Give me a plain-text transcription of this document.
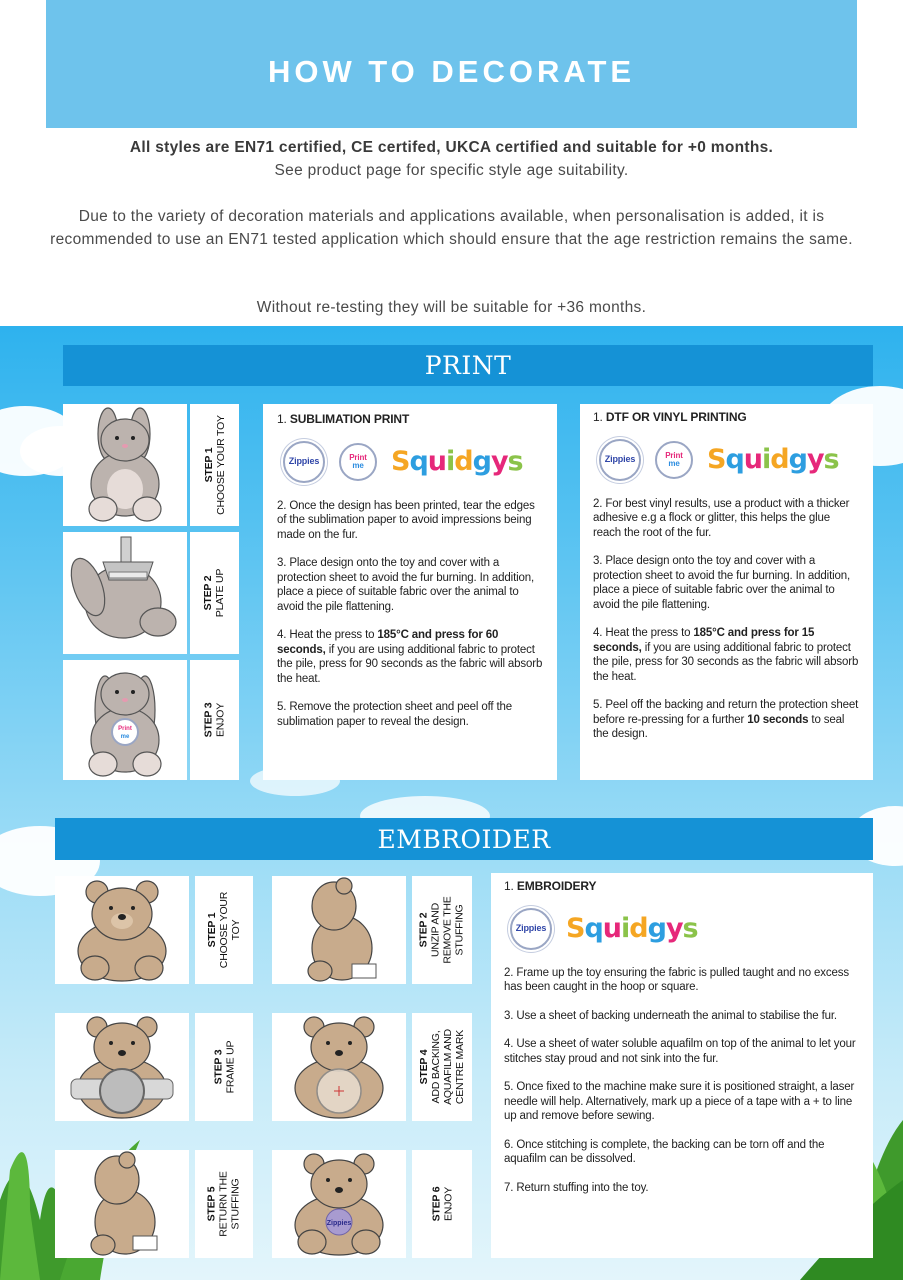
HOW TO DECORATE
All styles are EN71 certified, CE certifed, UKCA certified and suitable for +0 months.
See product page for specific style age suitability.
Due to the variety of decoration materials and applications available, when personalisation is added, it is recommended to use an EN71 tested application which should ensure that the age restriction remains the same.
Without re-testing they will be suitable for +36 months.
PRINT
STEP 1 CHOOSE YOUR TOY
STEP 2 PLATE UP
Print
me	STEP 3 ENJOY
1. SUBLIMATION PRINT
Zippies	Print
me Squidgys

2. Once the design has been printed, tear the edges of the sublimation paper to avoid impressions being made on the fur.

3. Place design onto the toy and cover with a protection sheet to avoid the fur burning. In addition, place a piece of suitable fabric over the animal to avoid the pile flattening.

4. Heat the press to 185°C and press for 60 seconds, if you are using additional fabric to protect the pile, press for 90 seconds as the fabric will absorb the heat.

5. Remove the protection sheet and peel off the sublimation paper to reveal the design.

1. DTF OR VINYL PRINTING
Zippies	Print
me Squidgys

2. For best vinyl results, use a product with a thicker adhesive e.g a flock or glitter, this helps the glue reach the root of the fur.

3. Place design onto the toy and cover with a protection sheet to avoid the fur burning. In addition, place a piece of suitable fabric over the animal to avoid the pile flattening.

4. Heat the press to 185°C and press for 15 seconds, if you are using additional fabric to protect the pile, press for 30 seconds as the fabric will absorb the heat.

5. Peel off the backing and return the protection sheet before re-pressing for a further 10 seconds to seal the design.

EMBROIDER
STEP 1 CHOOSE YOUR
TOY	STEP 2 UNZIP AND
REMOVE THE
STUFFING
STEP 3 FRAME UP	STEP 4
ADD BACKING,
AQUAFILM AND
CENTRE MARK
STEP 5 RETURN THE
STUFFING	Zippies
STEP 6 ENJOY
1. EMBROIDERY
Zippies Squidgys

2. Frame up the toy ensuring the fabric is pulled taught and no excess has been caught in the hoop or square.

3. Use a sheet of backing underneath the animal to stabilise the fur.

4. Use a sheet of water soluble aquafilm on top of the animal to let your stitches stay proud and not sink into the fur.

5. Once fixed to the machine make sure it is positioned straight, a laser needle will help. Alternatively, mark up a piece of a tape with a + to line up and remove before sewing.

6. Once stitching is complete, the backing can be torn off and the aquafilm can be dissolved.

7. Return stuffing into the toy.
